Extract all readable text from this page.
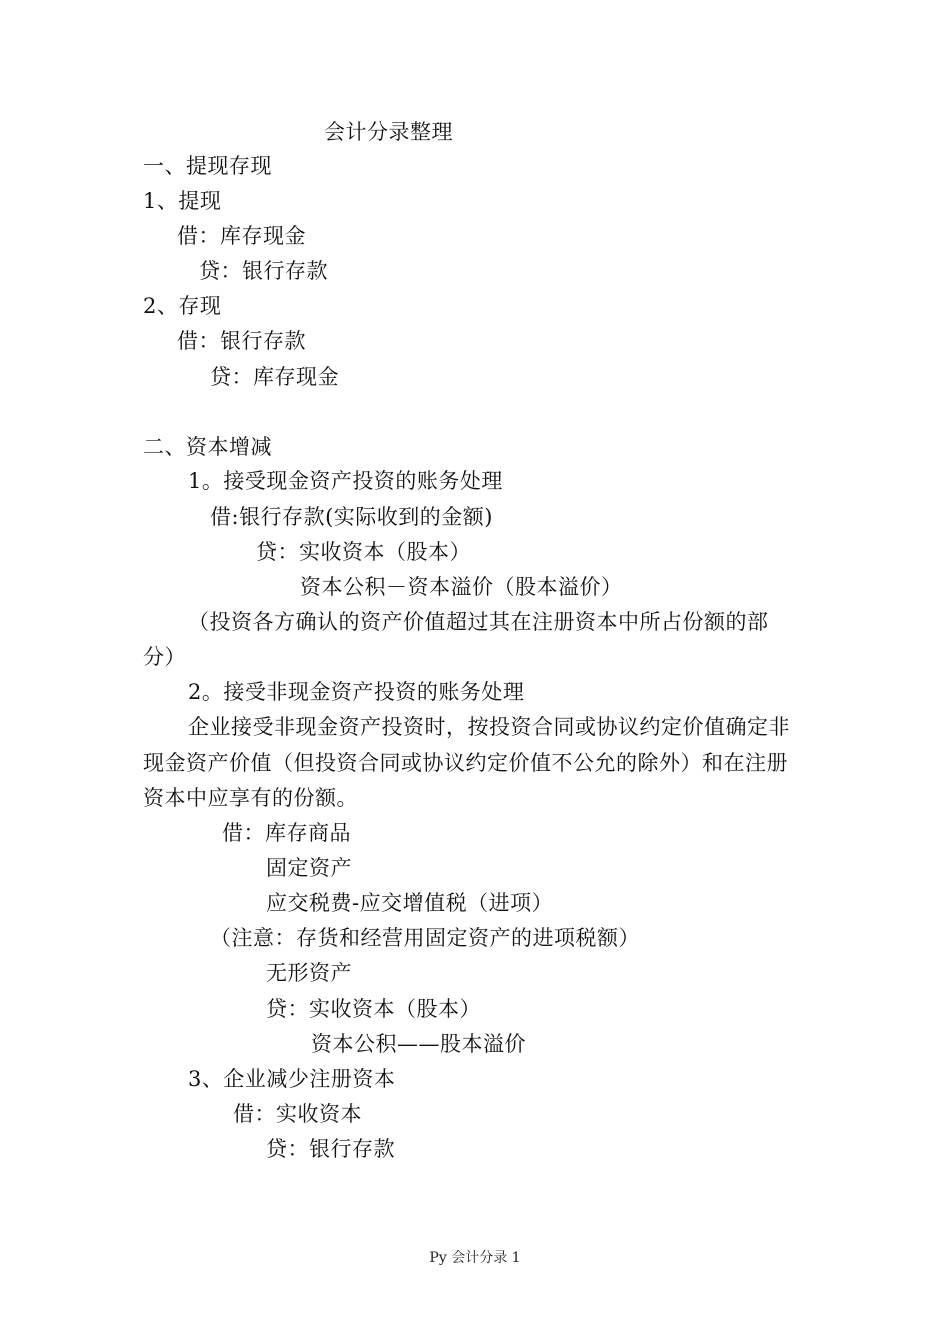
会计分录整理
一、提现存现
1、提现
借：库存现金
贷：银行存款
2、存现
借：银行存款
贷：库存现金
二、资本增减
1。接受现金资产投资的账务处理
借:银行存款(实际收到的金额)
贷：实收资本（股本）
资本公积－资本溢价（股本溢价）
（投资各方确认的资产价值超过其在注册资本中所占份额的部
分）
2。接受非现金资产投资的账务处理
企业接受非现金资产投资时，按投资合同或协议约定价值确定非
现金资产价值（但投资合同或协议约定价值不公允的除外）和在注册
资本中应享有的份额。
借：库存商品
固定资产
应交税费-应交增值税（进项）
（注意：存货和经营用固定资产的进项税额）
无形资产
贷：实收资本（股本）
资本公积——股本溢价
3、企业减少注册资本
借：实收资本
贷：银行存款
Py 会计分录 1
